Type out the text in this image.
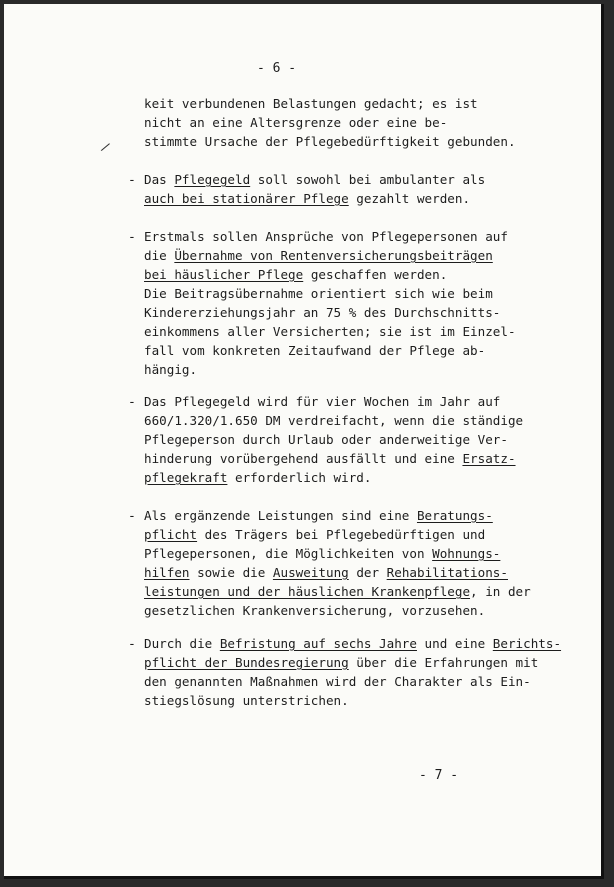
- 6 -
/
keit verbundenen Belastungen gedacht; es ist
nicht an eine Altersgrenze oder eine be-
stimmte Ursache der Pflegebedürftigkeit gebunden.
- Das Pflegegeld soll sowohl bei ambulanter als
auch bei stationärer Pflege gezahlt werden.
- Erstmals sollen Ansprüche von Pflegepersonen auf
die Übernahme von Rentenversicherungsbeiträgen
bei häuslicher Pflege geschaffen werden.
Die Beitragsübernahme orientiert sich wie beim
Kindererziehungsjahr an 75 % des Durchschnitts-
einkommens aller Versicherten; sie ist im Einzel-
fall vom konkreten Zeitaufwand der Pflege ab-
hängig.
- Das Pflegegeld wird für vier Wochen im Jahr auf
660/1.320/1.650 DM verdreifacht, wenn die ständige
Pflegeperson durch Urlaub oder anderweitige Ver-
hinderung vorübergehend ausfällt und eine Ersatz-
pflegekraft erforderlich wird.
- Als ergänzende Leistungen sind eine Beratungs-
pflicht des Trägers bei Pflegebedürftigen und
Pflegepersonen, die Möglichkeiten von Wohnungs-
hilfen sowie die Ausweitung der Rehabilitations-
leistungen und der häuslichen Krankenpflege, in der
gesetzlichen Krankenversicherung, vorzusehen.
- Durch die Befristung auf sechs Jahre und eine Berichts-
pflicht der Bundesregierung über die Erfahrungen mit
den genannten Maßnahmen wird der Charakter als Ein-
stiegslösung unterstrichen.
- 7 -
